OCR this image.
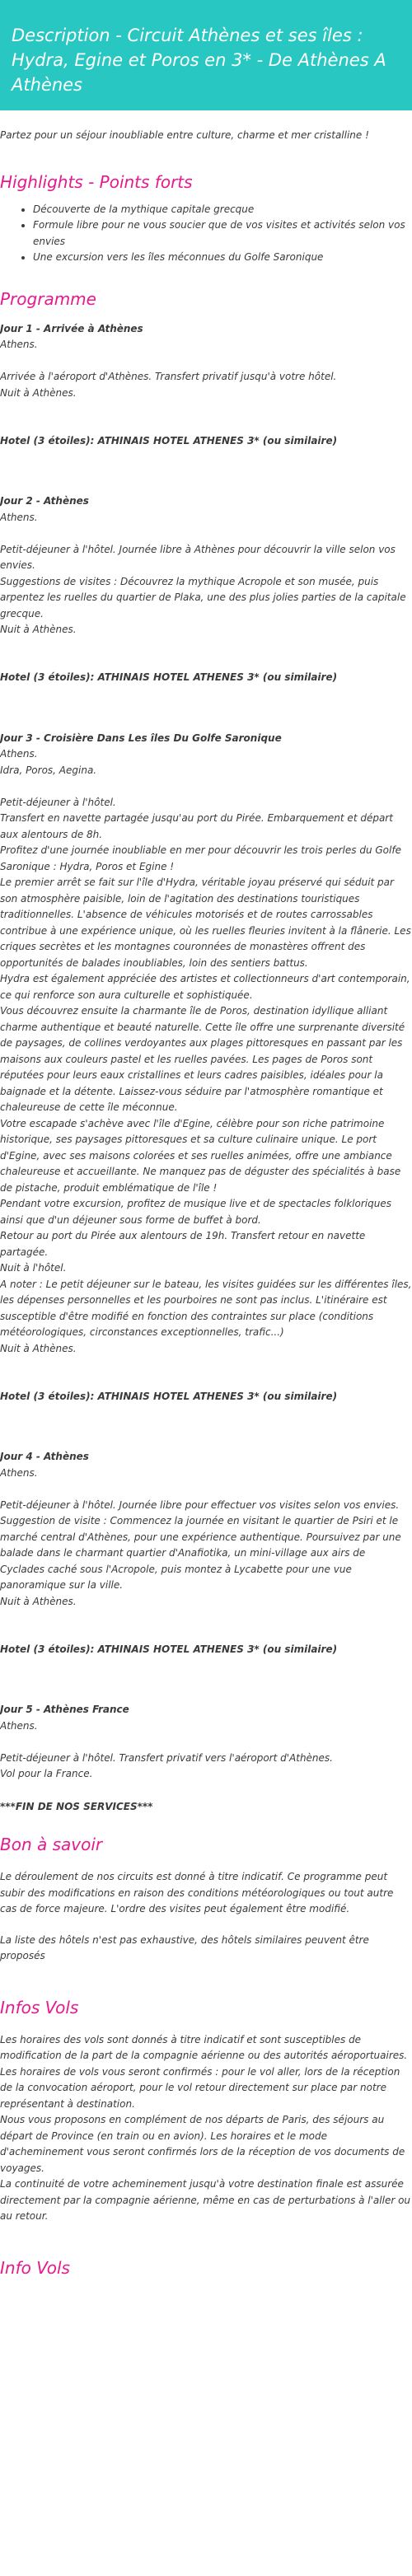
Description - Circuit Athènes et ses îles : Hydra, Egine et Poros en 3* - De Athènes A Athènes

Partez pour un séjour inoubliable entre culture, charme et mer cristalline !

Highlights - Points forts
• Découverte de la mythique capitale grecque
• Formule libre pour ne vous soucier que de vos visites et activités selon vos envies
• Une excursion vers les îles méconnues du Golfe Saronique
Programme
Jour 1 - Arrivée à Athènes
Athens.

Arrivée à l'aéroport d'Athènes. Transfert privatif jusqu'à votre hôtel.

Nuit à Athènes.

Hotel (3 étoiles): ATHINAIS HOTEL ATHENES 3* (ou similaire)
Jour 2 - Athènes
Athens.

Petit-déjeuner à l'hôtel. Journée libre à Athènes pour découvrir la ville selon vos envies.

Suggestions de visites : Découvrez la mythique Acropole et son musée, puis arpentez les ruelles du quartier de Plaka, une des plus jolies parties de la capitale grecque.

Nuit à Athènes.

Hotel (3 étoiles): ATHINAIS HOTEL ATHENES 3* (ou similaire)
Jour 3 - Croisière Dans Les îles Du Golfe Saronique
Athens.

Idra, Poros, Aegina.

Petit-déjeuner à l'hôtel.

Transfert en navette partagée jusqu'au port du Pirée. Embarquement et départ aux alentours de 8h.

Profitez d'une journée inoubliable en mer pour découvrir les trois perles du Golfe Saronique : Hydra, Poros et Egine !

Le premier arrêt se fait sur l'île d'Hydra, véritable joyau préservé qui séduit par son atmosphère paisible, loin de l'agitation des destinations touristiques traditionnelles. L'absence de véhicules motorisés et de routes carrossables contribue à une expérience unique, où les ruelles fleuries invitent à la flânerie. Les criques secrètes et les montagnes couronnées de monastères offrent des opportunités de balades inoubliables, loin des sentiers battus.

Hydra est également appréciée des artistes et collectionneurs d'art contemporain, ce qui renforce son aura culturelle et sophistiquée.

Vous découvrez ensuite la charmante île de Poros, destination idyllique alliant charme authentique et beauté naturelle. Cette île offre une surprenante diversité de paysages, de collines verdoyantes aux plages pittoresques en passant par les maisons aux couleurs pastel et les ruelles pavées. Les pages de Poros sont réputées pour leurs eaux cristallines et leurs cadres paisibles, idéales pour la baignade et la détente. Laissez-vous séduire par l'atmosphère romantique et chaleureuse de cette île méconnue.

Votre escapade s'achève avec l'île d'Egine, célèbre pour son riche patrimoine historique, ses paysages pittoresques et sa culture culinaire unique. Le port d'Egine, avec ses maisons colorées et ses ruelles animées, offre une ambiance chaleureuse et accueillante. Ne manquez pas de déguster des spécialités à base de pistache, produit emblématique de l'île !

Pendant votre excursion, profitez de musique live et de spectacles folkloriques ainsi que d'un déjeuner sous forme de buffet à bord.

Retour au port du Pirée aux alentours de 19h. Transfert retour en navette partagée.

Nuit à l'hôtel.

A noter : Le petit déjeuner sur le bateau, les visites guidées sur les différentes îles, les dépenses personnelles et les pourboires ne sont pas inclus. L'itinéraire est susceptible d'être modifié en fonction des contraintes sur place (conditions météorologiques, circonstances exceptionnelles, trafic...)

Nuit à Athènes.

Hotel (3 étoiles): ATHINAIS HOTEL ATHENES 3* (ou similaire)
Jour 4 - Athènes
Athens.

Petit-déjeuner à l'hôtel. Journée libre pour effectuer vos visites selon vos envies.

Suggestion de visite : Commencez la journée en visitant le quartier de Psiri et le marché central d'Athènes, pour une expérience authentique. Poursuivez par une balade dans le charmant quartier d'Anafiotika, un mini-village aux airs de Cyclades caché sous l'Acropole, puis montez à Lycabette pour une vue panoramique sur la ville.

Nuit à Athènes.

Hotel (3 étoiles): ATHINAIS HOTEL ATHENES 3* (ou similaire)
Jour 5 - Athènes France
Athens.

Petit-déjeuner à l'hôtel. Transfert privatif vers l'aéroport d'Athènes.

Vol pour la France.

***FIN DE NOS SERVICES***
Bon à savoir

Le déroulement de nos circuits est donné à titre indicatif. Ce programme peut subir des modifications en raison des conditions météorologiques ou tout autre cas de force majeure. L'ordre des visites peut également être modifié.

La liste des hôtels n'est pas exhaustive, des hôtels similaires peuvent être proposés

Infos Vols
Les horaires des vols sont donnés à titre indicatif et sont susceptibles de modification de la part de la compagnie aérienne ou des autorités aéroportuaires.
Les horaires de vols vous seront confirmés : pour le vol aller, lors de la réception de la convocation aéroport, pour le vol retour directement sur place par notre représentant à destination.
Nous vous proposons en complément de nos départs de Paris, des séjours au départ de Province (en train ou en avion). Les horaires et le mode d'acheminement vous seront confirmés lors de la réception de vos documents de voyages.
La continuité de votre acheminement jusqu'à votre destination finale est assurée directement par la compagnie aérienne, même en cas de perturbations à l'aller ou au retour.
Info Vols
